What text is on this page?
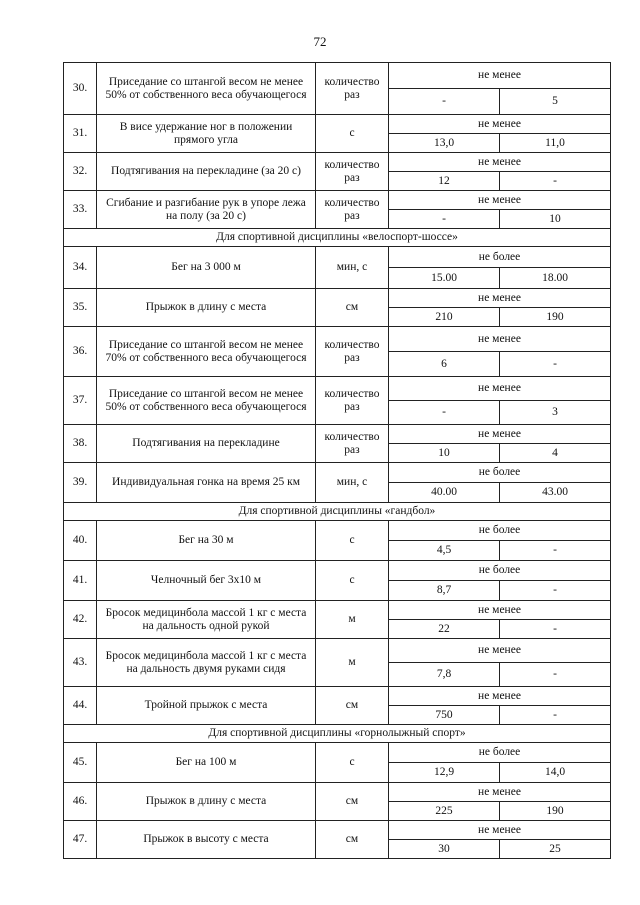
72
30.	Приседание со штангой весом не менее 50% от собственного веса обучающегося	количество раз	не менее	
			-	5
31.	В висе удержание ног в положении прямого угла	с	не менее	
			13,0	11,0
32.	Подтягивания на перекладине (за 20 с)	количество раз	не менее	
			12	-
33.	Сгибание и разгибание рук в упоре лежа на полу (за 20 с)	количество раз	не менее	
			-	10
Для спортивной дисциплины «велоспорт-шоссе»				
34.	Бег на 3 000 м	мин, с	не более	
			15.00	18.00
35.	Прыжок в длину с места	см	не менее	
			210	190
36.	Приседание со штангой весом не менее 70% от собственного веса обучающегося	количество раз	не менее	
			6	-
37.	Приседание со штангой весом не менее 50% от собственного веса обучающегося	количество раз	не менее	
			-	3
38.	Подтягивания на перекладине	количество раз	не менее	
			10	4
39.	Индивидуальная гонка на время 25 км	мин, с	не более	
			40.00	43.00
Для спортивной дисциплины «гандбол»				
40.	Бег на 30 м	с	не более	
			4,5	-
41.	Челночный бег 3х10 м	с	не более	
			8,7	-
42.	Бросок медицинбола массой 1 кг с места на дальность одной рукой	м	не менее	
			22	-
43.	Бросок медицинбола массой 1 кг с места на дальность двумя руками сидя	м	не менее	
			7,8	-
44.	Тройной прыжок с места	см	не менее	
			750	-
Для спортивной дисциплины «горнолыжный спорт»				
45.	Бег на 100 м	с	не более	
			12,9	14,0
46.	Прыжок в длину с места	см	не менее	
			225	190
47.	Прыжок в высоту с места	см	не менее	
			30	25
